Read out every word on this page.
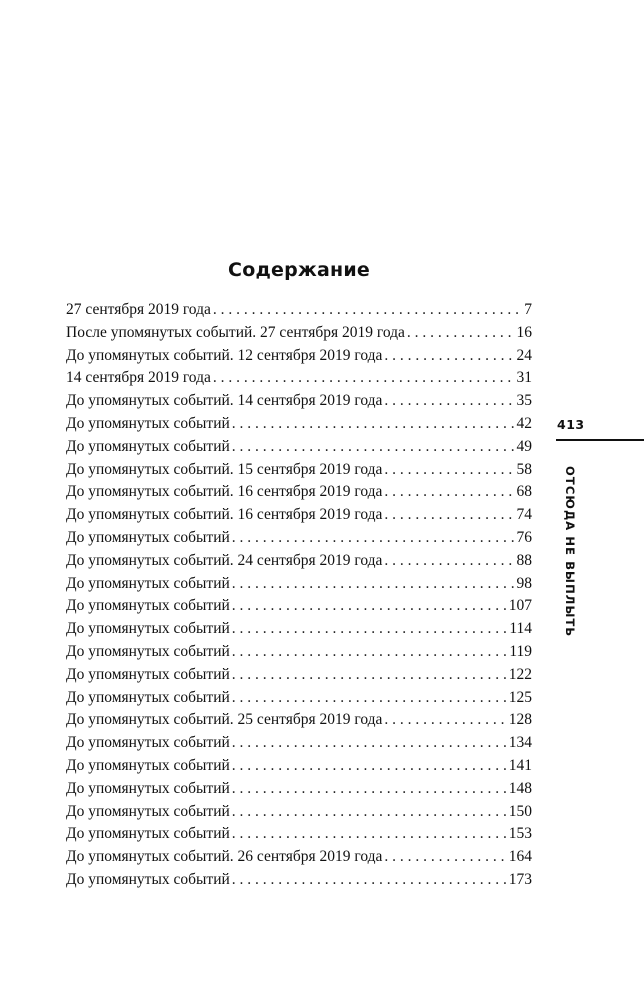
Содержание
27 сентября 2019 года . . .	7
После упомянутых событий. 27 сентября 2019 года . . .	16
До упомянутых событий. 12 сентября 2019 года . . .	24
14 сентября 2019 года . . .	31
До упомянутых событий. 14 сентября 2019 года . . .	35
До упомянутых событий . . .	42
До упомянутых событий . . .	49
До упомянутых событий. 15 сентября 2019 года . . .	58
До упомянутых событий. 16 сентября 2019 года . . .	68
До упомянутых событий. 16 сентября 2019 года . . .	74
До упомянутых событий . . .	76
До упомянутых событий. 24 сентября 2019 года . . .	88
До упомянутых событий . . .	98
До упомянутых событий . . .	107
До упомянутых событий . . .	114
До упомянутых событий . . .	119
До упомянутых событий . . .	122
До упомянутых событий . . .	125
До упомянутых событий. 25 сентября 2019 года . . .	128
До упомянутых событий . . .	134
До упомянутых событий . . .	141
До упомянутых событий . . .	148
До упомянутых событий . . .	150
До упомянутых событий . . .	153
До упомянутых событий. 26 сентября 2019 года . . .	164
До упомянутых событий . . .	173
413
ОТСЮДА НЕ ВЫПЛЫТЬ
